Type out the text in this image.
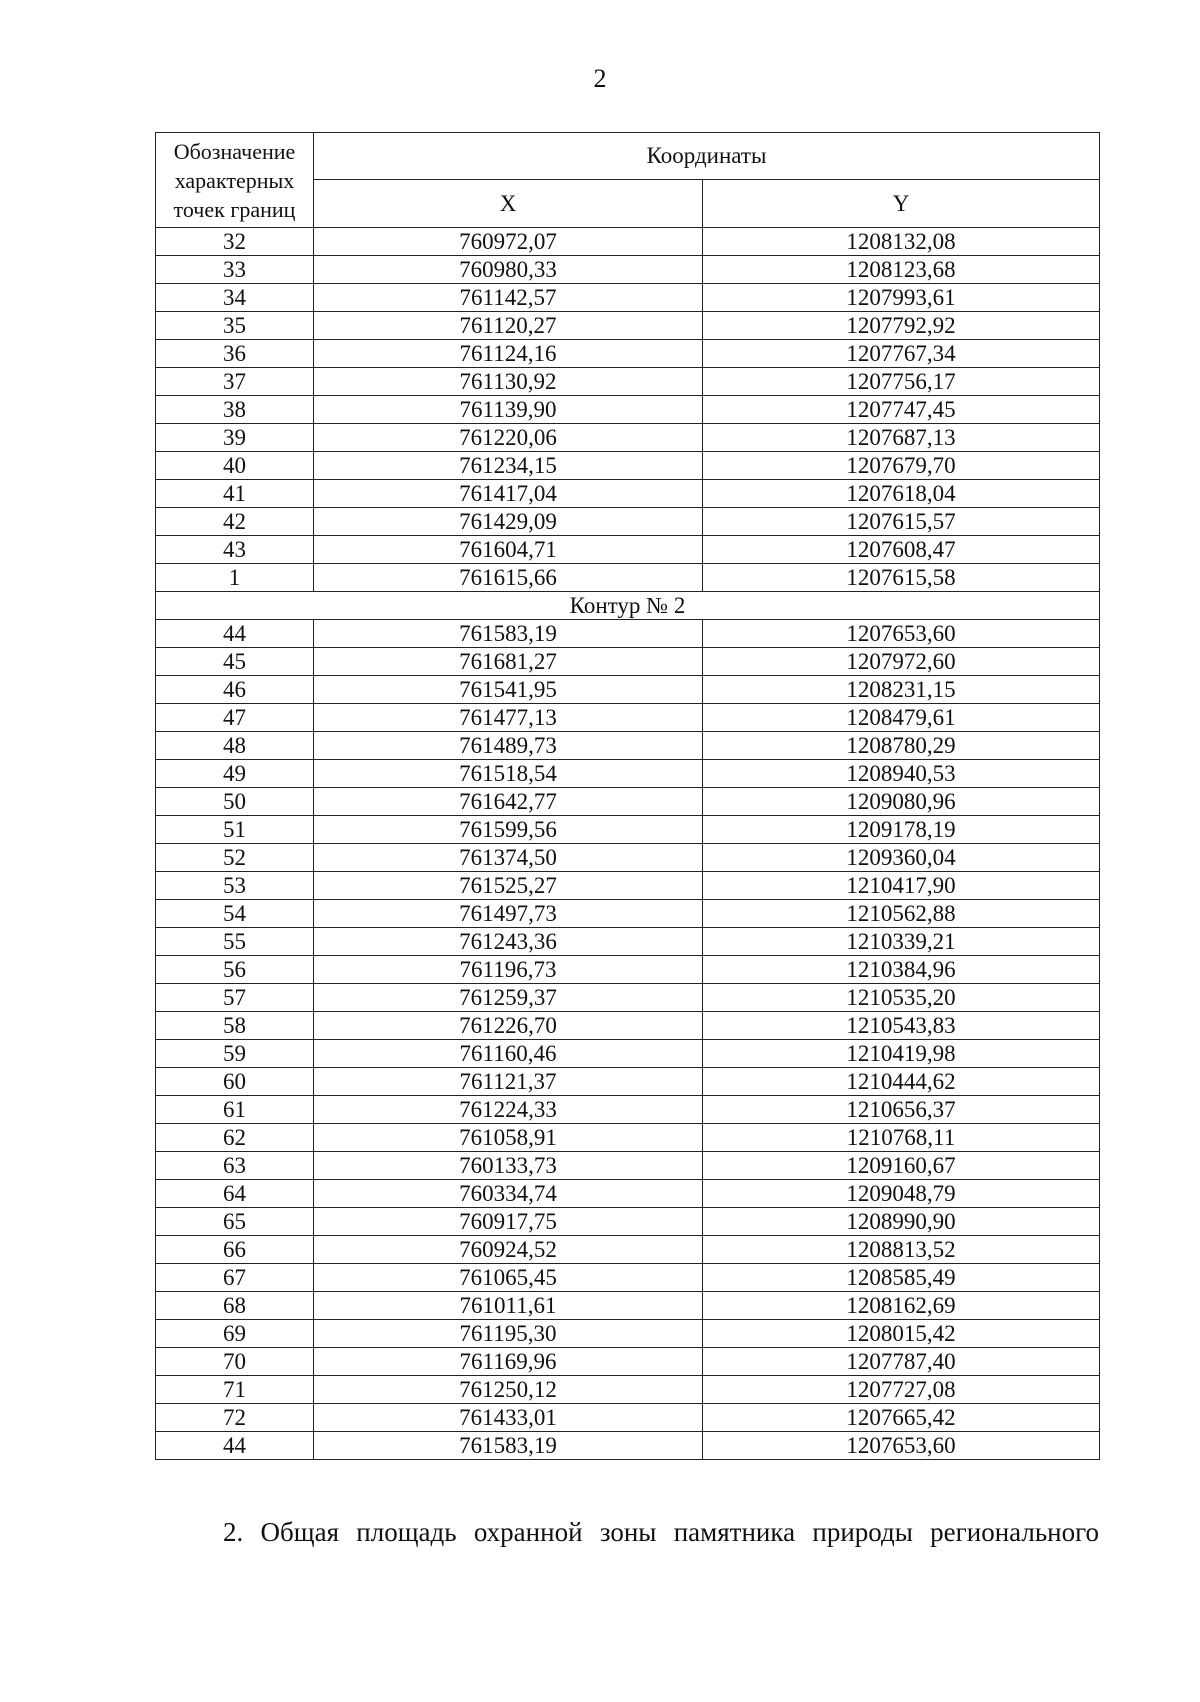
2
Обозначение характерных точек границ	Координаты	
	X	Y
32	760972,07	1208132,08
33	760980,33	1208123,68
34	761142,57	1207993,61
35	761120,27	1207792,92
36	761124,16	1207767,34
37	761130,92	1207756,17
38	761139,90	1207747,45
39	761220,06	1207687,13
40	761234,15	1207679,70
41	761417,04	1207618,04
42	761429,09	1207615,57
43	761604,71	1207608,47
1	761615,66	1207615,58
Контур № 2		
44	761583,19	1207653,60
45	761681,27	1207972,60
46	761541,95	1208231,15
47	761477,13	1208479,61
48	761489,73	1208780,29
49	761518,54	1208940,53
50	761642,77	1209080,96
51	761599,56	1209178,19
52	761374,50	1209360,04
53	761525,27	1210417,90
54	761497,73	1210562,88
55	761243,36	1210339,21
56	761196,73	1210384,96
57	761259,37	1210535,20
58	761226,70	1210543,83
59	761160,46	1210419,98
60	761121,37	1210444,62
61	761224,33	1210656,37
62	761058,91	1210768,11
63	760133,73	1209160,67
64	760334,74	1209048,79
65	760917,75	1208990,90
66	760924,52	1208813,52
67	761065,45	1208585,49
68	761011,61	1208162,69
69	761195,30	1208015,42
70	761169,96	1207787,40
71	761250,12	1207727,08
72	761433,01	1207665,42
44	761583,19	1207653,60
2. Общая площадь охранной зоны памятника природы регионального
